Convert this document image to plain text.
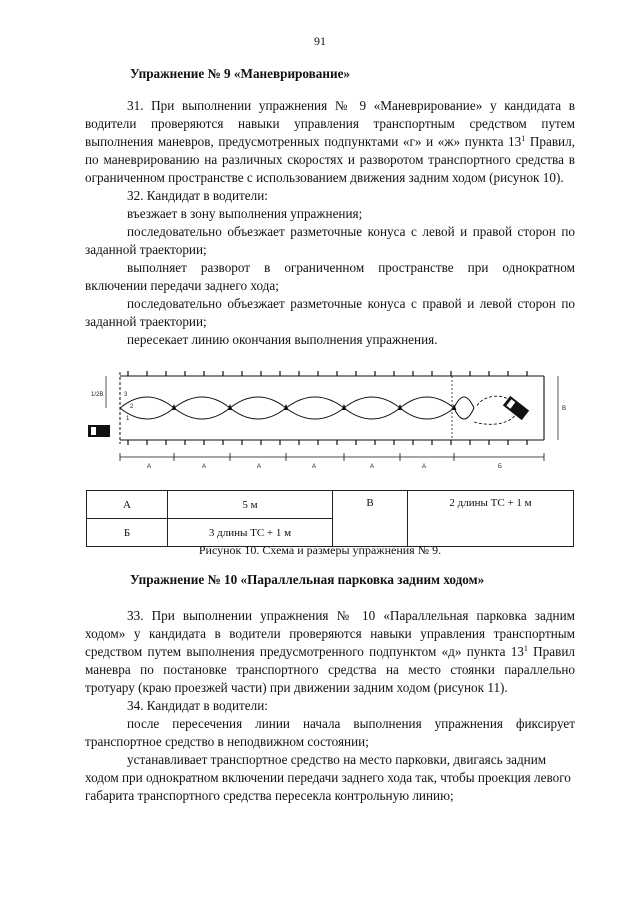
91
Упражнение № 9 «Маневрирование»

31. При выполнении упражнения № 9 «Маневрирование» у кандидата в водители проверяются навыки управления транспортным средством путем выполнения маневров, предусмотренных подпунктами «г» и «ж» пункта $13^1$ Правил, по маневрированию на различных скоростях и разворотом транспортного средства в ограниченном пространстве с использованием движения задним ходом (рисунок 10).

32. Кандидат в водители:

въезжает в зону выполнения упражнения;

последовательно объезжает разметочные конуса с левой и правой сторон по заданной траектории;

выполняет разворот в ограниченном пространстве при однократном включении передачи заднего хода;

последовательно объезжает разметочные конуса с правой и левой сторон по заданной траектории;

пересекает линию окончания выполнения упражнения.

1/2В
В
3
2
1
А	А	А	А	А	А	Б
А	5 м	В	2 длины ТС + 1 м
Б	3 длины ТС + 1 м		
Рисунок 10. Схема и размеры упражнения № 9.
Упражнение № 10 «Параллельная парковка задним ходом»

33. При выполнении упражнения № 10 «Параллельная парковка задним ходом» у кандидата в водители проверяются навыки управления транспортным средством путем выполнения предусмотренного подпунктом «д» пункта $13^1$ Правил маневра по постановке транспортного средства на место стоянки параллельно тротуару (краю проезжей части) при движении задним ходом (рисунок 11).

34. Кандидат в водители:

после пересечения линии начала выполнения упражнения фиксирует транспортное средство в неподвижном состоянии;

устанавливает транспортное средство на место парковки, двигаясь задним ходом при однократном включении передачи заднего хода так, чтобы проекция левого габарита транспортного средства пересекла контрольную линию;
